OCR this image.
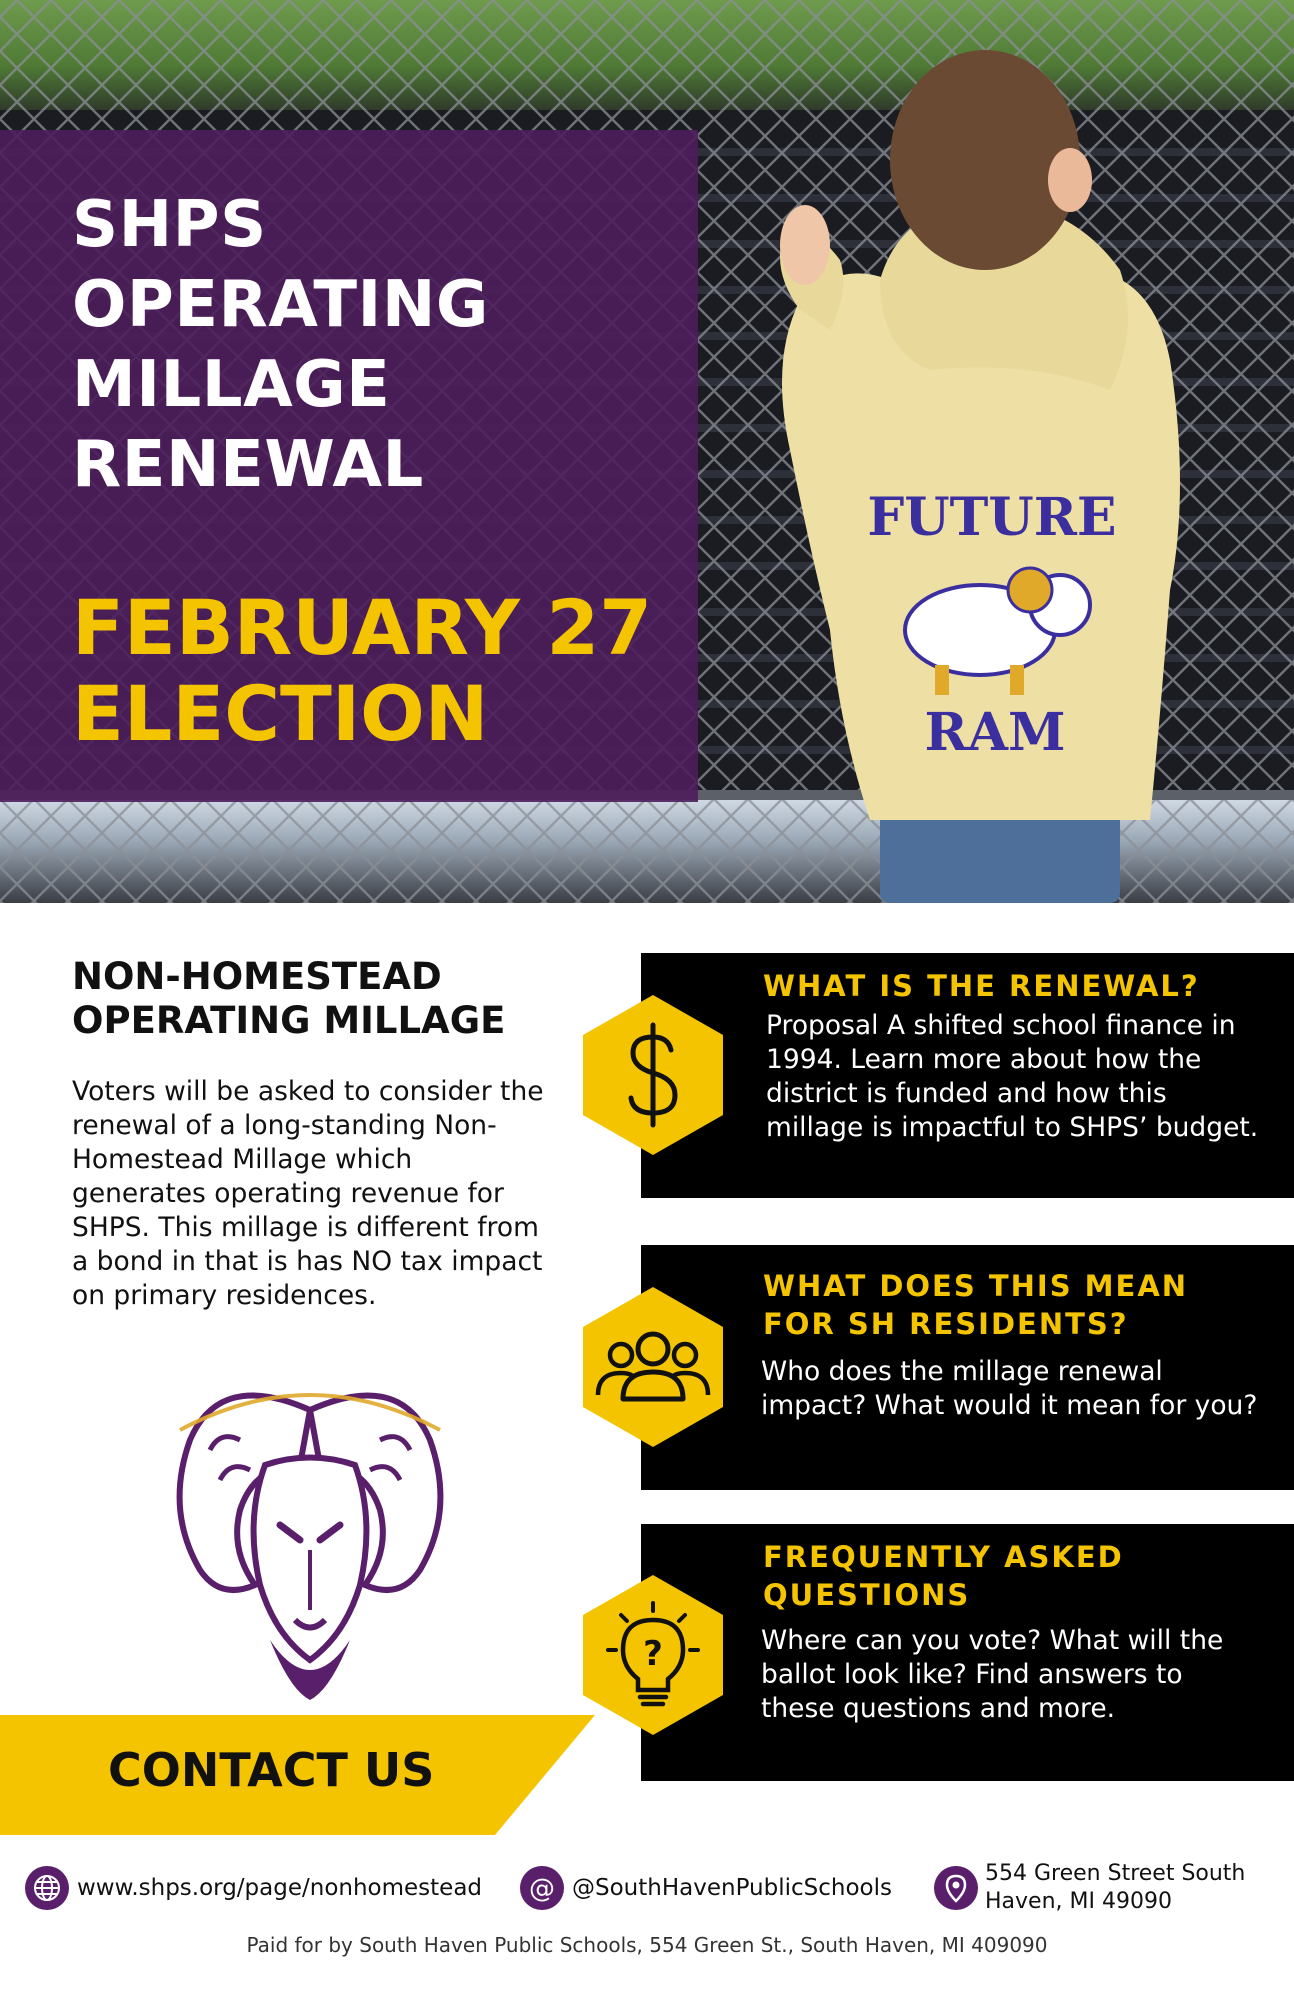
FUTURE
RAM
SHPS
OPERATING
MILLAGE
RENEWAL
FEBRUARY 27
ELECTION
NON-HOMESTEAD
OPERATING MILLAGE

Voters will be asked to consider the renewal of a long-standing Non-Homestead Millage which generates operating revenue for SHPS. This millage is different from a bond in that is has NO tax impact on primary residences.

CONTACT US
WHAT IS THE RENEWAL?

Proposal A shifted school finance in 1994. Learn more about how the district is funded and how this millage is impactful to SHPS’ budget.

WHAT DOES THIS MEAN
FOR SH RESIDENTS?

Who does the millage renewal impact? What would it mean for you?

FREQUENTLY ASKED
QUESTIONS

Where can you vote? What will the ballot look like? Find answers to these questions and more.

?
www.shps.org/page/nonhomestead	@ @SouthHavenPublicSchools
554 Green Street South
Haven, MI 49090
Paid for by South Haven Public Schools, 554 Green St., South Haven, MI 409090
